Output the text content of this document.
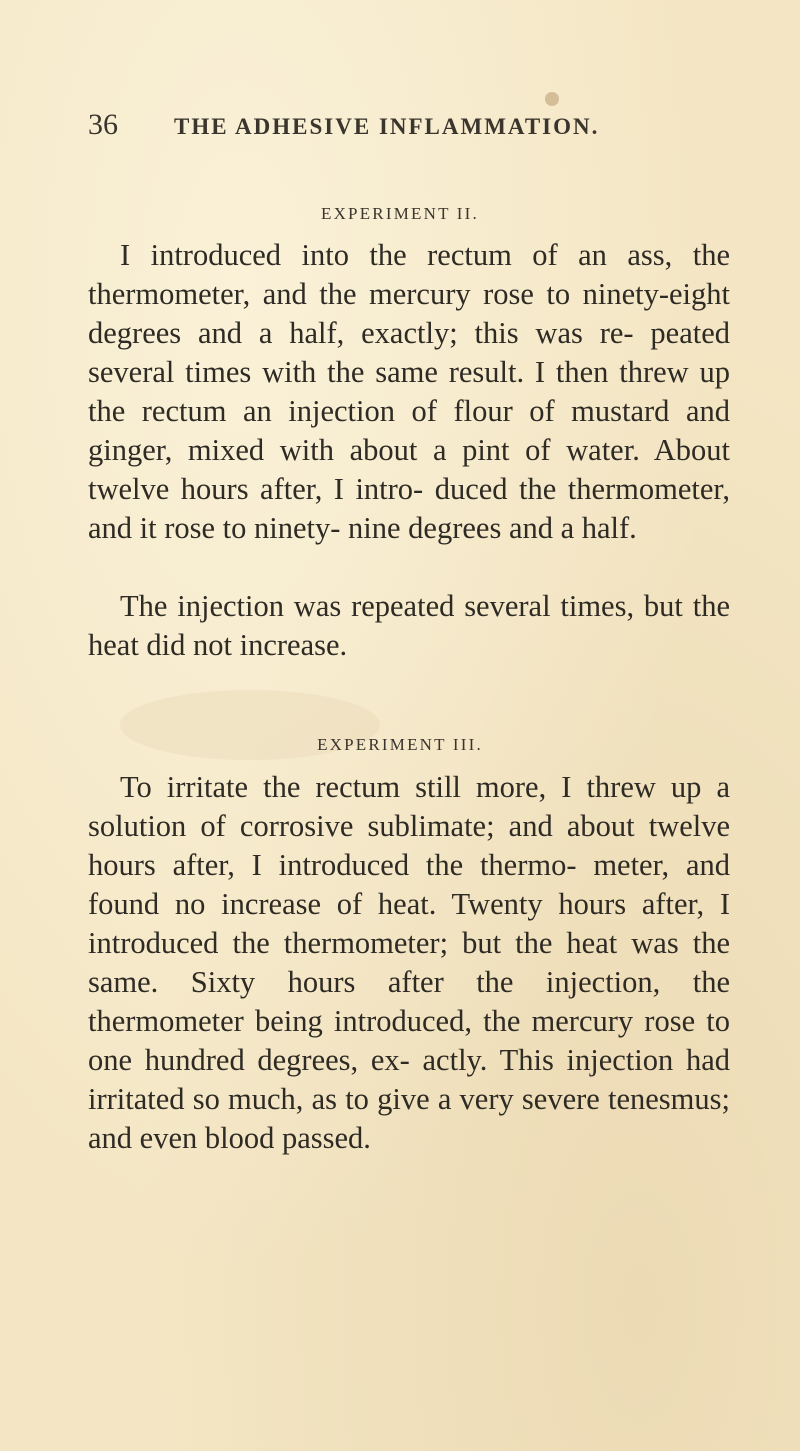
36 THE ADHESIVE INFLAMMATION.
EXPERIMENT II.

I introduced into the rectum of an ass, the thermometer, and the mercury rose to ninety-eight degrees and a half, exactly; this was re- peated several times with the same result. I then threw up the rectum an injection of flour of mustard and ginger, mixed with about a pint of water. About twelve hours after, I intro- duced the thermometer, and it rose to ninety- nine degrees and a half.

The injection was repeated several times, but the heat did not increase.

EXPERIMENT III.

To irritate the rectum still more, I threw up a solution of corrosive sublimate; and about twelve hours after, I introduced the thermo- meter, and found no increase of heat. Twenty hours after, I introduced the thermometer; but the heat was the same. Sixty hours after the injection, the thermometer being introduced, the mercury rose to one hundred degrees, ex- actly. This injection had irritated so much, as to give a very severe tenesmus; and even blood passed.
